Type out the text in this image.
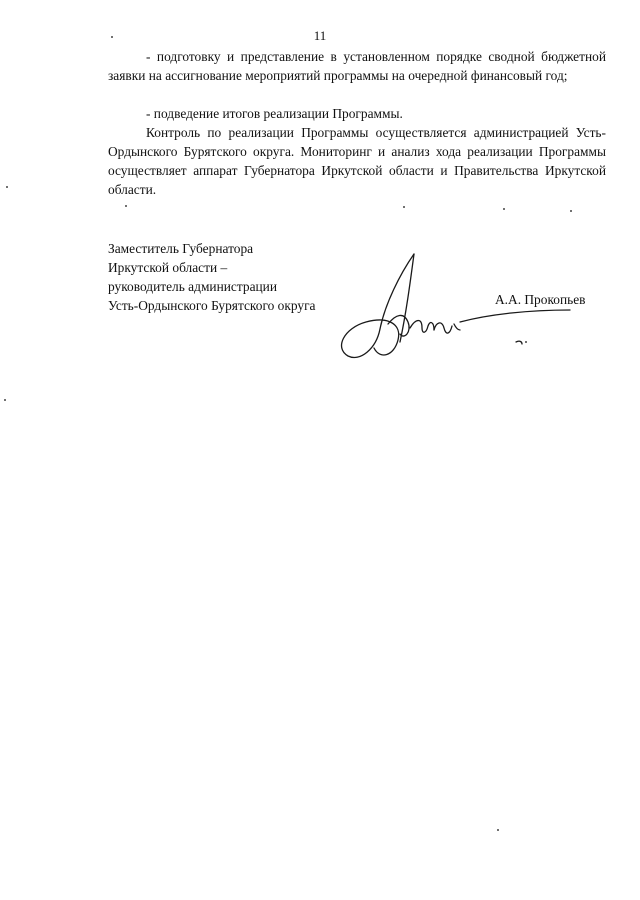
11

- подготовку и представление в установленном порядке сводной бюджетной заявки на ассигнование мероприятий программы на очередной финансовый год;

- подведение итогов реализации Программы.

Контроль по реализации Программы осуществляется администрацией Усть-Ордынского Бурятского округа. Мониторинг и анализ хода реализации Программы осуществляет аппарат Губернатора Иркутской области и Правительства Иркутской области.

Заместитель Губернатора
Иркутской области –
руководитель администрации
Усть-Ордынского Бурятского округа	А.А. Прокопьев
